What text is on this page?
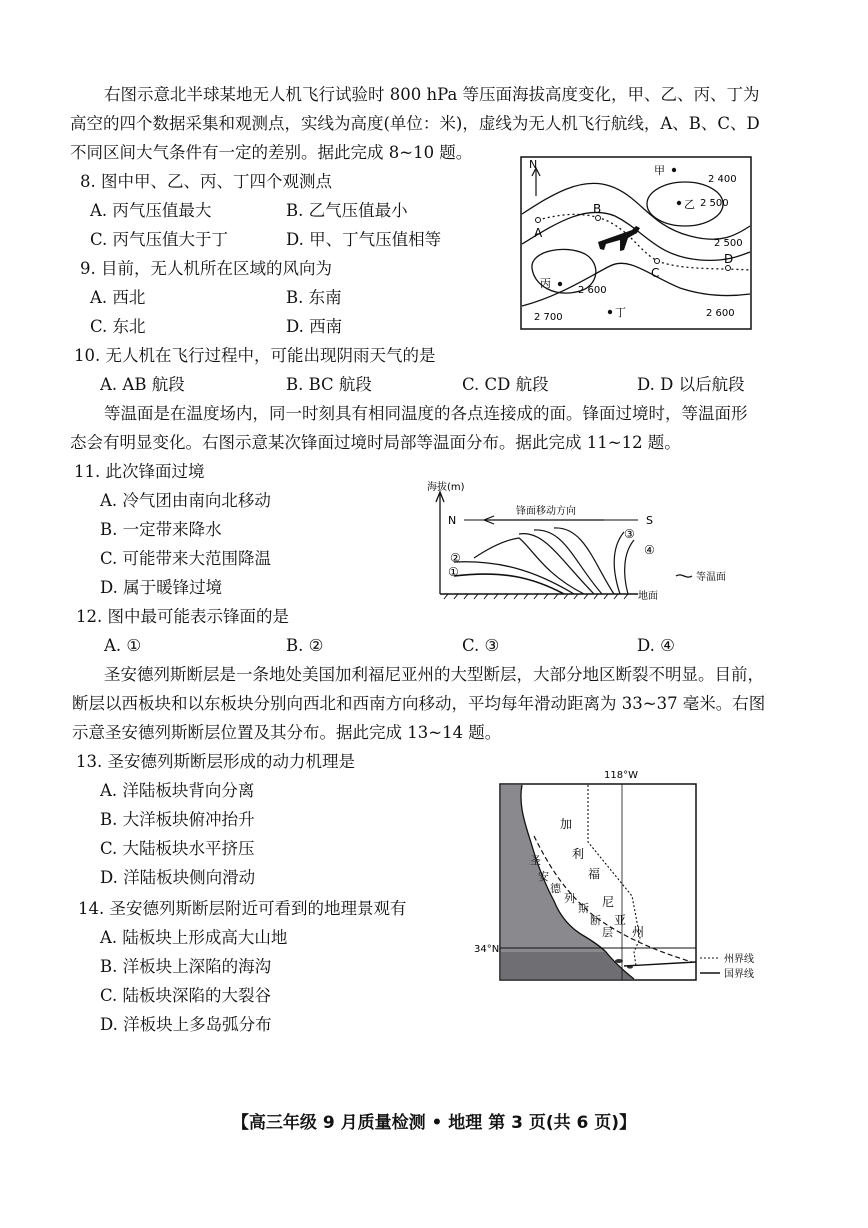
右图示意北半球某地无人机飞行试验时 800 hPa 等压面海拔高度变化，甲、乙、丙、丁为
高空的四个数据采集和观测点，实线为高度(单位：米)，虚线为无人机飞行航线，A、B、C、D
不同区间大气条件有一定的差别。据此完成 8~10 题。
8. 图中甲、乙、丙、丁四个观测点
A. 丙气压值最大	B. 乙气压值最小
C. 丙气压值大于丁	D. 甲、丁气压值相等
9. 目前，无人机所在区域的风向为
A. 西北	B. 东南
C. 东北	D. 西南
10. 无人机在飞行过程中，可能出现阴雨天气的是
A. AB 航段	B. BC 航段	C. CD 航段	D. D 以后航段
N
A
B
C
D
甲
乙
丙
丁
2 400
2 500
2 500
2 600
2 700	2 600
等温面是在温度场内，同一时刻具有相同温度的各点连接成的面。锋面过境时，等温面形
态会有明显变化。右图示意某次锋面过境时局部等温面分布。据此完成 11~12 题。
11. 此次锋面过境
A. 冷气团由南向北移动
B. 一定带来降水
C. 可能带来大范围降温
D. 属于暖锋过境
海拔(m)
N	S
锋面移动方向
地面
①
②
③
④
等温面
12. 图中最可能表示锋面的是
A. ①	B. ②	C. ③	D. ④
圣安德列斯断层是一条地处美国加利福尼亚州的大型断层，大部分地区断裂不明显。目前，
断层以西板块和以东板块分别向西北和西南方向移动，平均每年滑动距离为 33~37 毫米。右图
示意圣安德列斯断层位置及其分布。据此完成 13~14 题。
13. 圣安德列斯断层形成的动力机理是
A. 洋陆板块背向分离
B. 大洋板块俯冲抬升
C. 大陆板块水平挤压
D. 洋陆板块侧向滑动
14. 圣安德列斯断层附近可看到的地理景观有
A. 陆板块上形成高大山地
B. 洋板块上深陷的海沟
C. 陆板块深陷的大裂谷
D. 洋板块上多岛弧分布
118°W
34°N
加
利
福
尼
亚
州
圣
安
德
列
斯
断
层
州界线
国界线
【高三年级 9 月质量检测 • 地理 第 3 页(共 6 页)】
